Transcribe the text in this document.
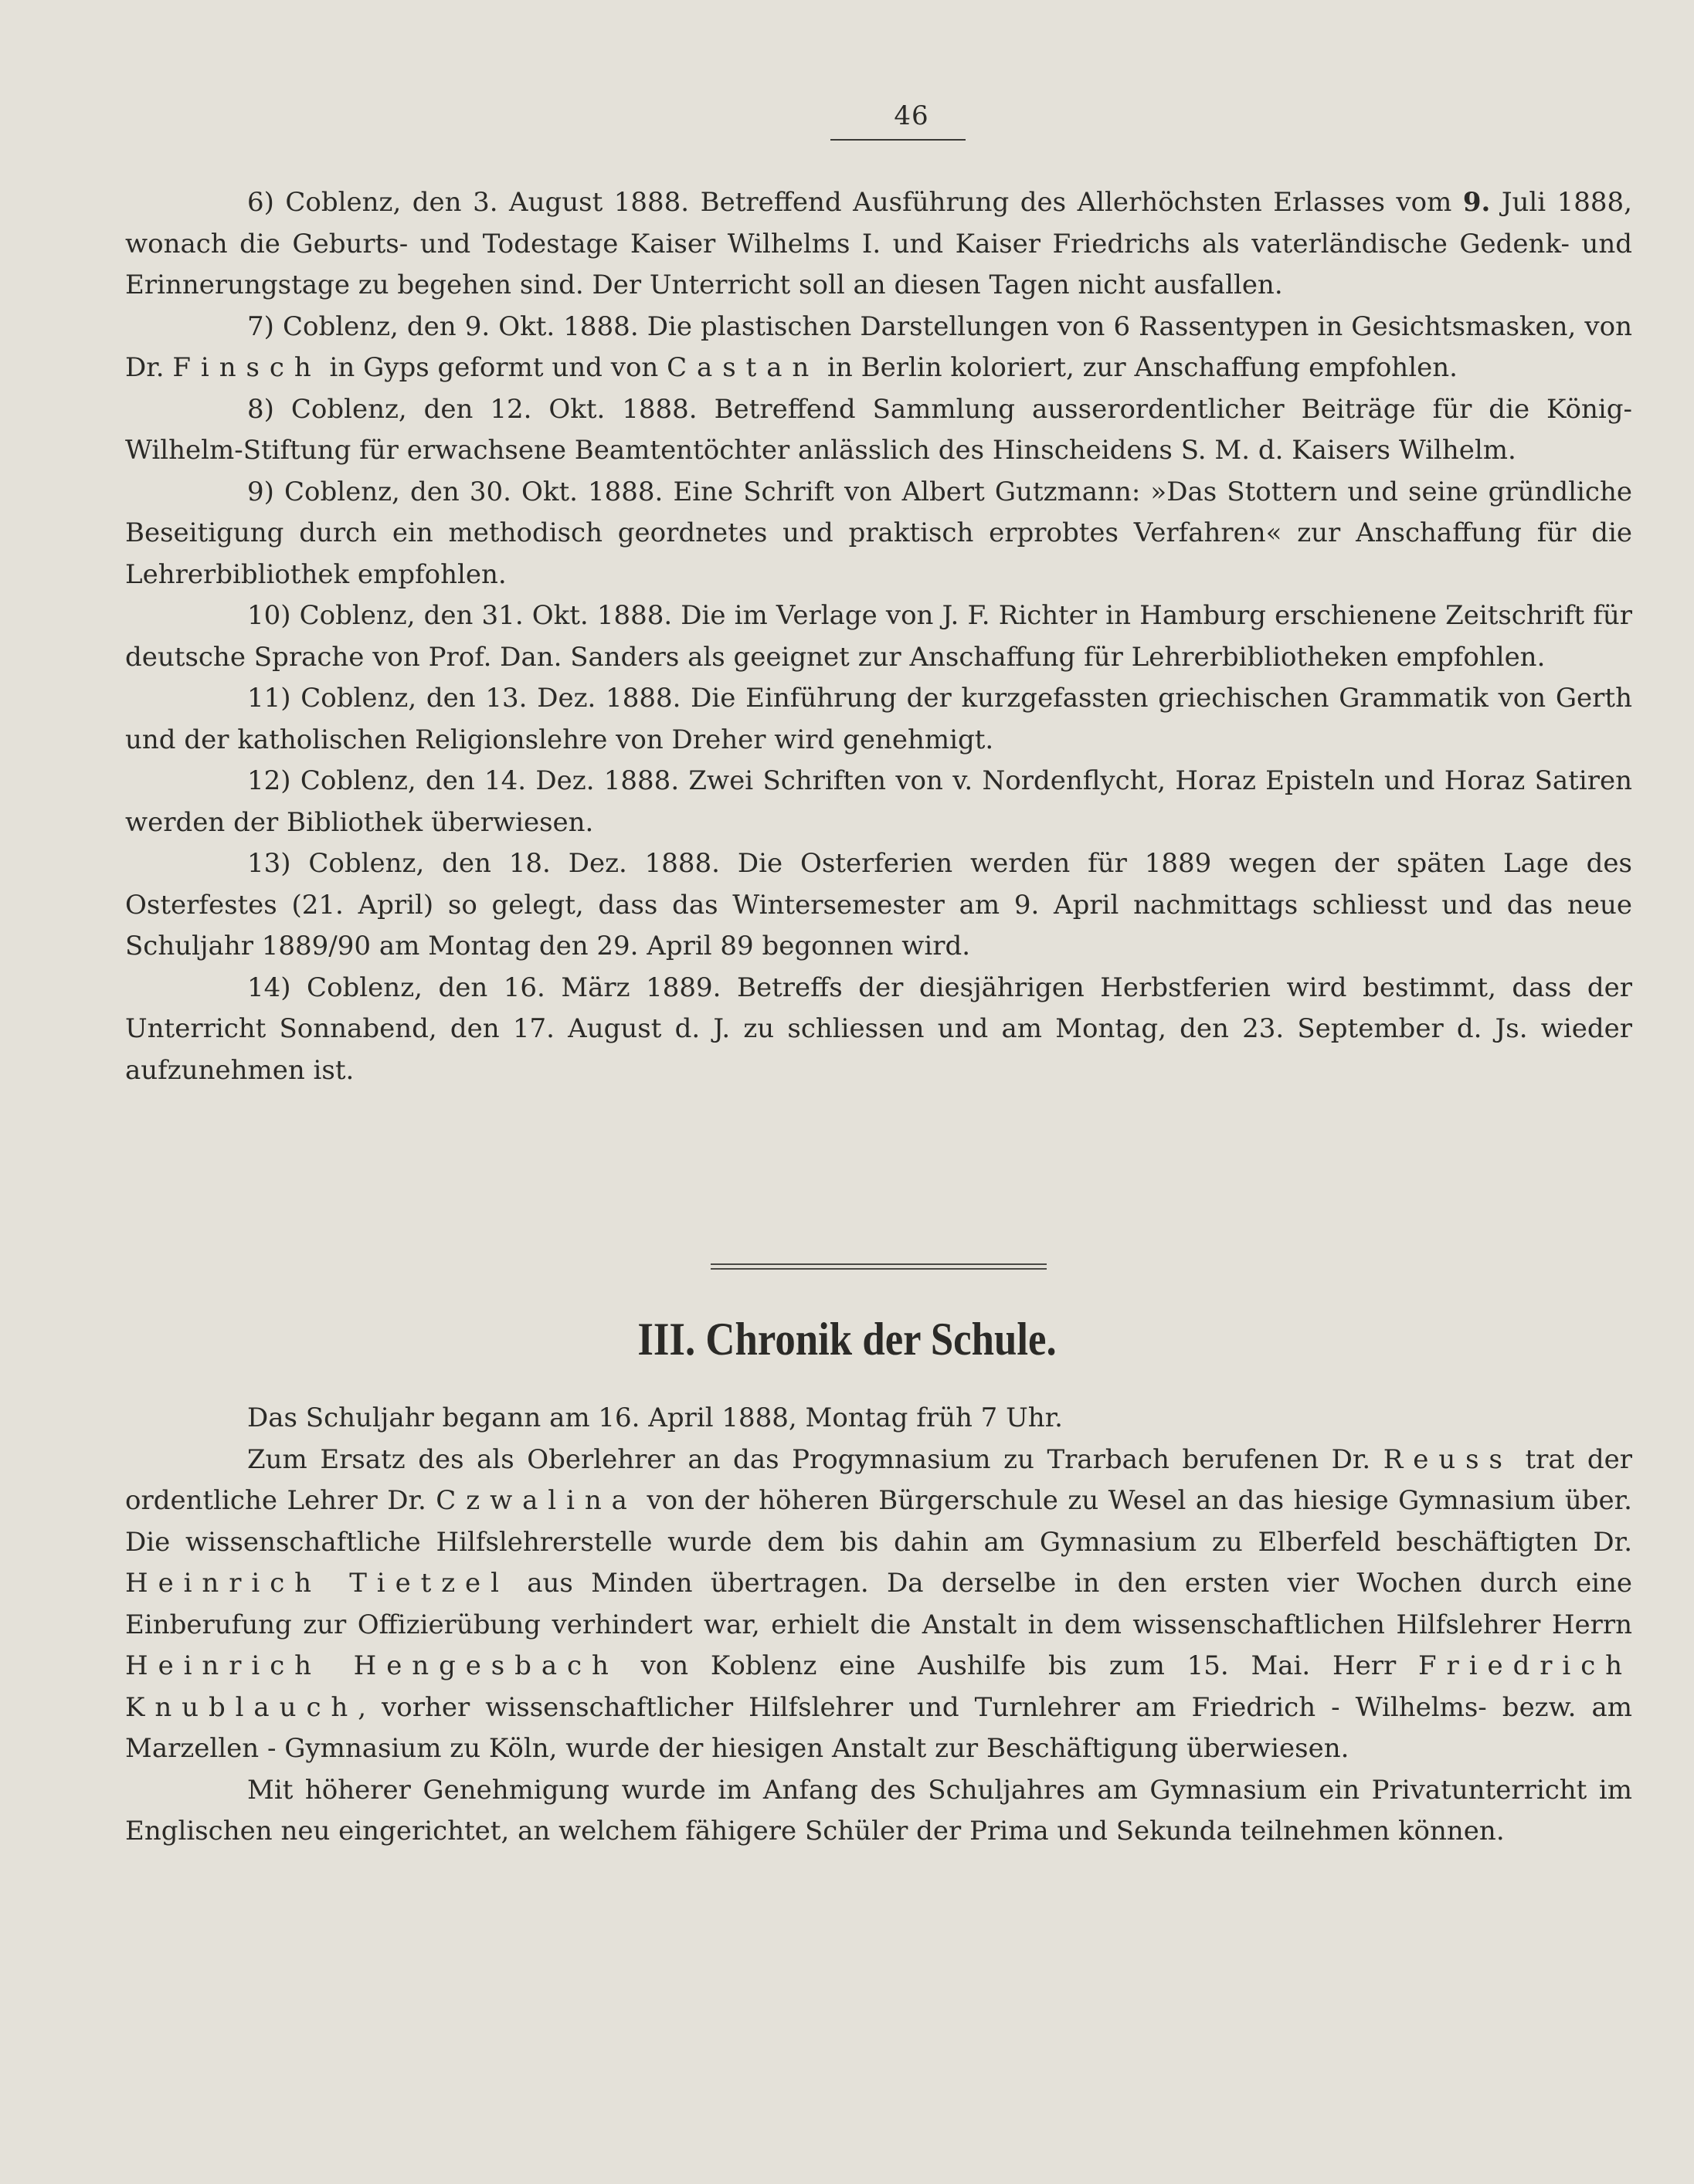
46

6) Coblenz, den 3. August 1888. Betreffend Ausführung des Allerhöchsten Erlasses vom 9. Juli 1888, wonach die Geburts- und Todestage Kaiser Wilhelms I. und Kaiser Friedrichs als vaterländische Gedenk- und Erinnerungstage zu begehen sind. Der Unterricht soll an diesen Tagen nicht ausfallen.

7) Coblenz, den 9. Okt. 1888. Die plastischen Darstellungen von 6 Rassentypen in Gesichtsmasken, von Dr. Finsch in Gyps geformt und von Castan in Berlin koloriert, zur Anschaffung empfohlen.

8) Coblenz, den 12. Okt. 1888. Betreffend Sammlung ausserordentlicher Beiträge für die König-Wilhelm-Stiftung für erwachsene Beamtentöchter anlässlich des Hinscheidens S. M. d. Kaisers Wilhelm.

9) Coblenz, den 30. Okt. 1888. Eine Schrift von Albert Gutzmann: »Das Stottern und seine gründliche Beseitigung durch ein methodisch geordnetes und praktisch erprobtes Verfahren« zur Anschaffung für die Lehrerbibliothek empfohlen.

10) Coblenz, den 31. Okt. 1888. Die im Verlage von J. F. Richter in Hamburg erschienene Zeitschrift für deutsche Sprache von Prof. Dan. Sanders als geeignet zur Anschaffung für Lehrerbibliotheken empfohlen.

11) Coblenz, den 13. Dez. 1888. Die Einführung der kurzgefassten griechischen Grammatik von Gerth und der katholischen Religionslehre von Dreher wird genehmigt.

12) Coblenz, den 14. Dez. 1888. Zwei Schriften von v. Nordenflycht, Horaz Episteln und Horaz Satiren werden der Bibliothek überwiesen.

13) Coblenz, den 18. Dez. 1888. Die Osterferien werden für 1889 wegen der späten Lage des Osterfestes (21. April) so gelegt, dass das Wintersemester am 9. April nachmittags schliesst und das neue Schuljahr 1889/90 am Montag den 29. April 89 begonnen wird.

14) Coblenz, den 16. März 1889. Betreffs der diesjährigen Herbstferien wird bestimmt, dass der Unterricht Sonnabend, den 17. August d. J. zu schliessen und am Montag, den 23. September d. Js. wieder aufzunehmen ist.

III. Chronik der Schule.

Das Schuljahr begann am 16. April 1888, Montag früh 7 Uhr.

Zum Ersatz des als Oberlehrer an das Progymnasium zu Trarbach berufenen Dr. Reuss trat der ordentliche Lehrer Dr. Czwalina von der höheren Bürgerschule zu Wesel an das hiesige Gymnasium über. Die wissenschaftliche Hilfslehrerstelle wurde dem bis dahin am Gymnasium zu Elberfeld beschäftigten Dr. Heinrich Tietzel aus Minden übertragen. Da derselbe in den ersten vier Wochen durch eine Einberufung zur Offizierübung verhindert war, erhielt die Anstalt in dem wissenschaftlichen Hilfslehrer Herrn Heinrich Hengesbach von Koblenz eine Aushilfe bis zum 15. Mai. Herr Friedrich Knublauch, vorher wissenschaftlicher Hilfslehrer und Turnlehrer am Friedrich - Wilhelms- bezw. am Marzellen - Gymnasium zu Köln, wurde der hiesigen Anstalt zur Beschäftigung überwiesen.

Mit höherer Genehmigung wurde im Anfang des Schuljahres am Gymnasium ein Privatunterricht im Englischen neu eingerichtet, an welchem fähigere Schüler der Prima und Sekunda teilnehmen können.
